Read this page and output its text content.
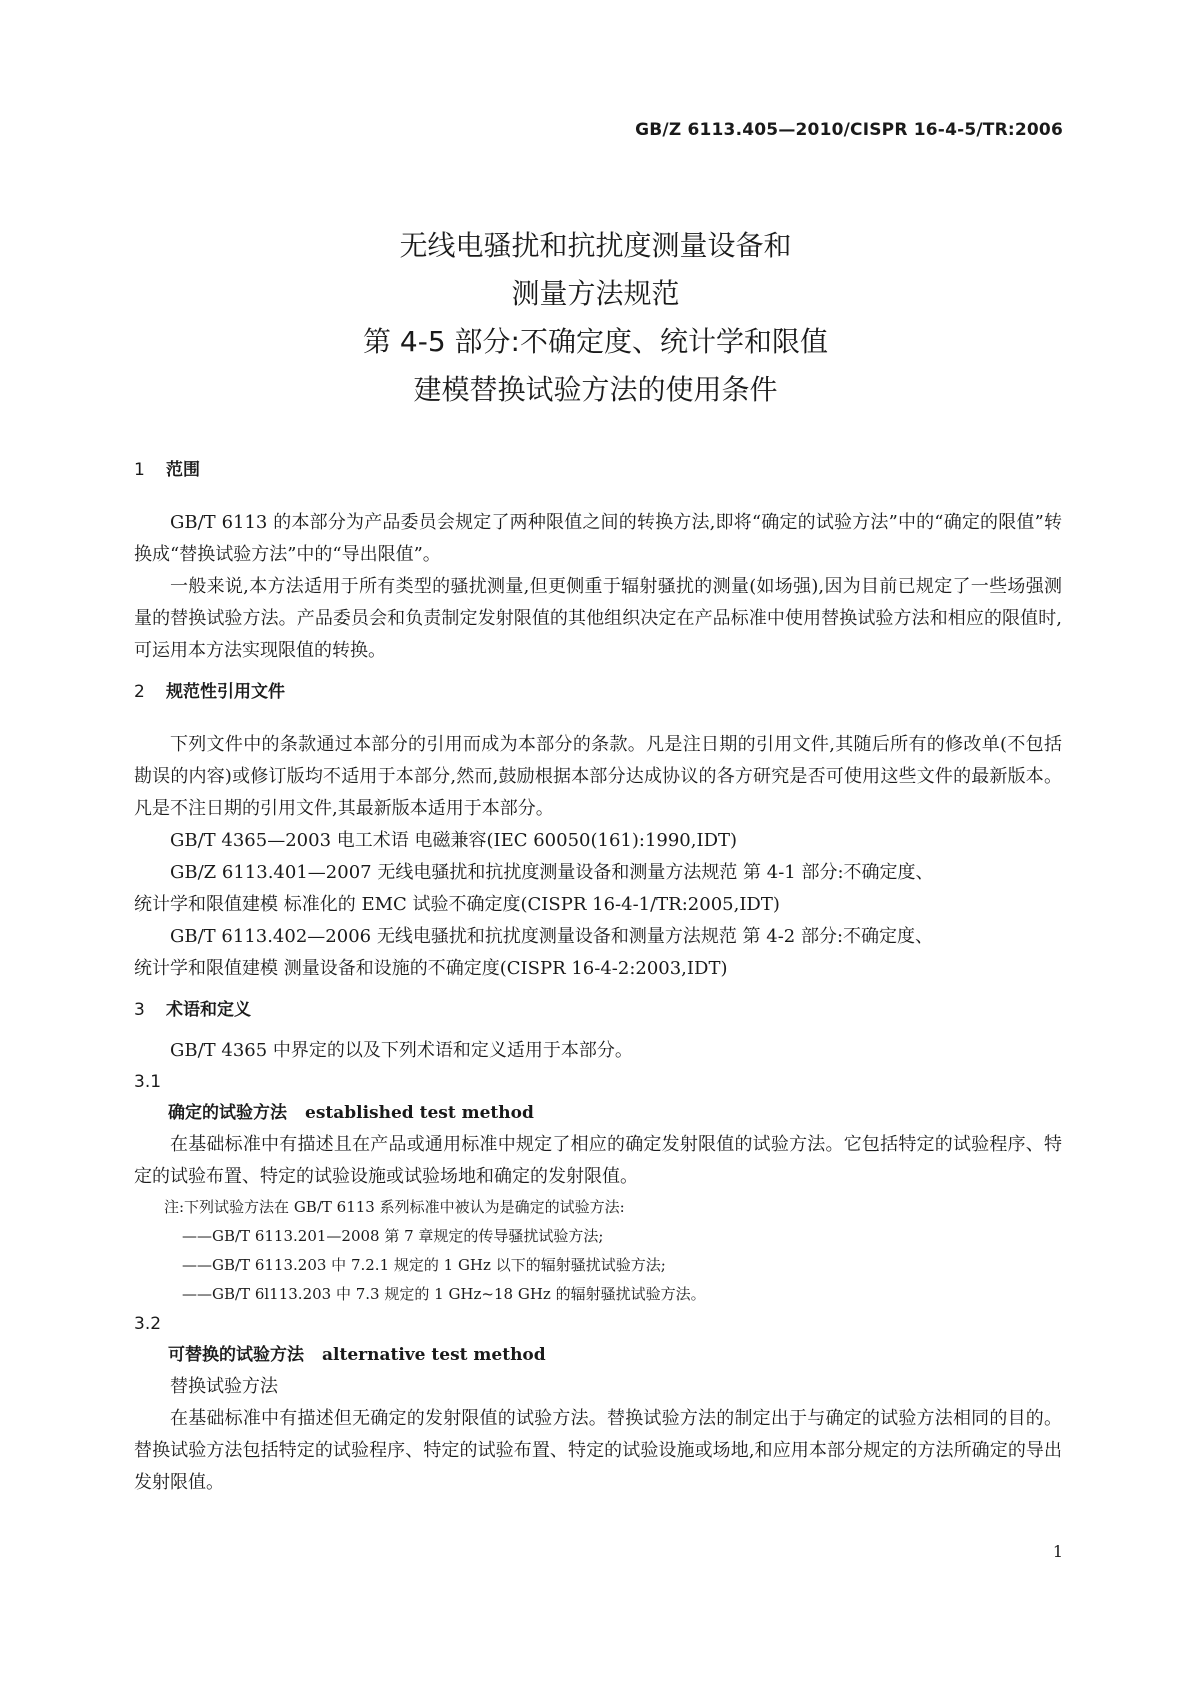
GB/Z 6113.405—2010/CISPR 16-4-5/TR:2006
无线电骚扰和抗扰度测量设备和
测量方法规范
第 4-5 部分:不确定度、统计学和限值
建模替换试验方法的使用条件

1 范围

GB/T 6113 的本部分为产品委员会规定了两种限值之间的转换方法,即将“确定的试验方法”中的“确定的限值”转换成“替换试验方法”中的“导出限值”。

一般来说,本方法适用于所有类型的骚扰测量,但更侧重于辐射骚扰的测量(如场强),因为目前已规定了一些场强测量的替换试验方法。产品委员会和负责制定发射限值的其他组织决定在产品标准中使用替换试验方法和相应的限值时,可运用本方法实现限值的转换。

2 规范性引用文件

下列文件中的条款通过本部分的引用而成为本部分的条款。凡是注日期的引用文件,其随后所有的修改单(不包括勘误的内容)或修订版均不适用于本部分,然而,鼓励根据本部分达成协议的各方研究是否可使用这些文件的最新版本。凡是不注日期的引用文件,其最新版本适用于本部分。

GB/T 4365—2003 电工术语 电磁兼容(IEC 60050(161):1990,IDT)

GB/Z 6113.401—2007 无线电骚扰和抗扰度测量设备和测量方法规范 第 4-1 部分:不确定度、

统计学和限值建模 标准化的 EMC 试验不确定度(CISPR 16-4-1/TR:2005,IDT)

GB/T 6113.402—2006 无线电骚扰和抗扰度测量设备和测量方法规范 第 4-2 部分:不确定度、

统计学和限值建模 测量设备和设施的不确定度(CISPR 16-4-2:2003,IDT)

3 术语和定义

GB/T 4365 中界定的以及下列术语和定义适用于本部分。

3.1

确定的试验方法 established test method

在基础标准中有描述且在产品或通用标准中规定了相应的确定发射限值的试验方法。它包括特定的试验程序、特定的试验布置、特定的试验设施或试验场地和确定的发射限值。

注:下列试验方法在 GB/T 6113 系列标准中被认为是确定的试验方法:

——GB/T 6113.201—2008 第 7 章规定的传导骚扰试验方法;

——GB/T 6113.203 中 7.2.1 规定的 1 GHz 以下的辐射骚扰试验方法;

——GB/T 6l113.203 中 7.3 规定的 1 GHz~18 GHz 的辐射骚扰试验方法。

3.2

可替换的试验方法 alternative test method

替换试验方法

在基础标准中有描述但无确定的发射限值的试验方法。替换试验方法的制定出于与确定的试验方法相同的目的。替换试验方法包括特定的试验程序、特定的试验布置、特定的试验设施或场地,和应用本部分规定的方法所确定的导出发射限值。

1
